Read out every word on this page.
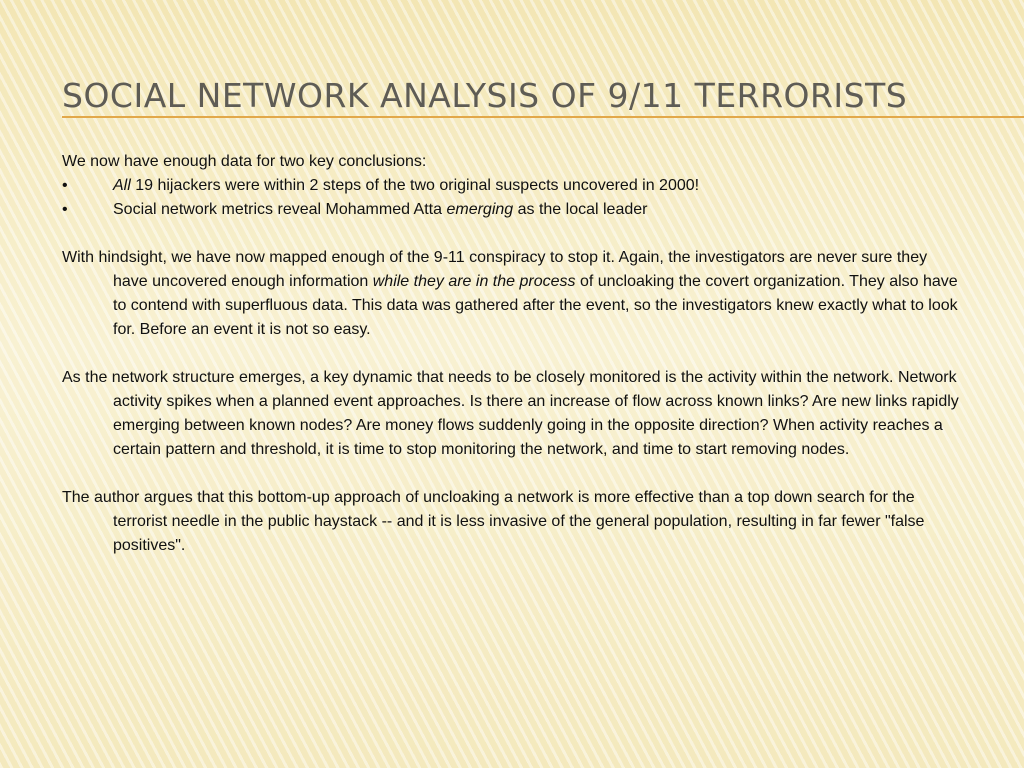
SOCIAL NETWORK ANALYSIS OF 9/11 TERRORISTS

We now have enough data for two key conclusions:

•	All 19 hijackers were within 2 steps of the two original suspects uncovered in 2000!
•	Social network metrics reveal Mohammed Atta emerging as the local leader

With hindsight, we have now mapped enough of the 9-11 conspiracy to stop it. Again, the investigators are never sure they have uncovered enough information while they are in the process of uncloaking the covert organization. They also have to contend with superfluous data. This data was gathered after the event, so the investigators knew exactly what to look for. Before an event it is not so easy.

As the network structure emerges, a key dynamic that needs to be closely monitored is the activity within the network. Network activity spikes when a planned event approaches. Is there an increase of flow across known links? Are new links rapidly emerging between known nodes? Are money flows suddenly going in the opposite direction? When activity reaches a certain pattern and threshold, it is time to stop monitoring the network, and time to start removing nodes.

The author argues that this bottom-up approach of uncloaking a network is more effective than a top down search for the terrorist needle in the public haystack -- and it is less invasive of the general population, resulting in far fewer "false positives".
